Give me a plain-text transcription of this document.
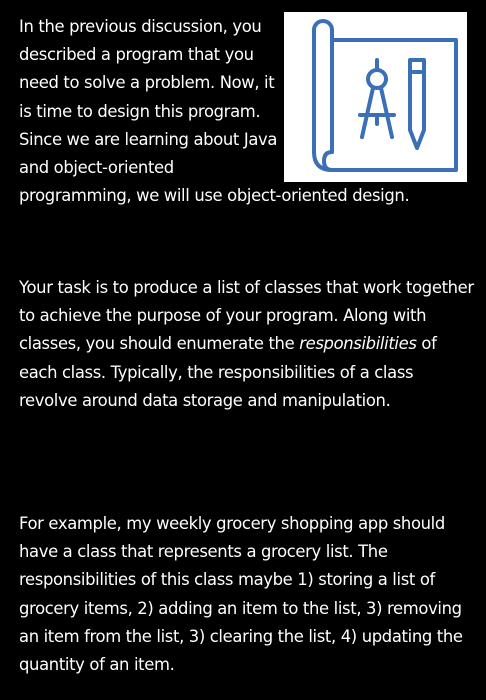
In the previous discussion, you
described a program that you
need to solve a problem. Now, it
is time to design this program.
Since we are learning about Java
and object-oriented

programming, we will use object-oriented design.

Your task is to produce a list of classes that work together to achieve the purpose of your program. Along with classes, you should enumerate the responsibilities of each class. Typically, the responsibilities of a class revolve around data storage and manipulation.

For example, my weekly grocery shopping app should have a class that represents a grocery list. The responsibilities of this class maybe 1) storing a list of grocery items, 2) adding an item to the list, 3) removing an item from the list, 3) clearing the list, 4) updating the quantity of an item.
